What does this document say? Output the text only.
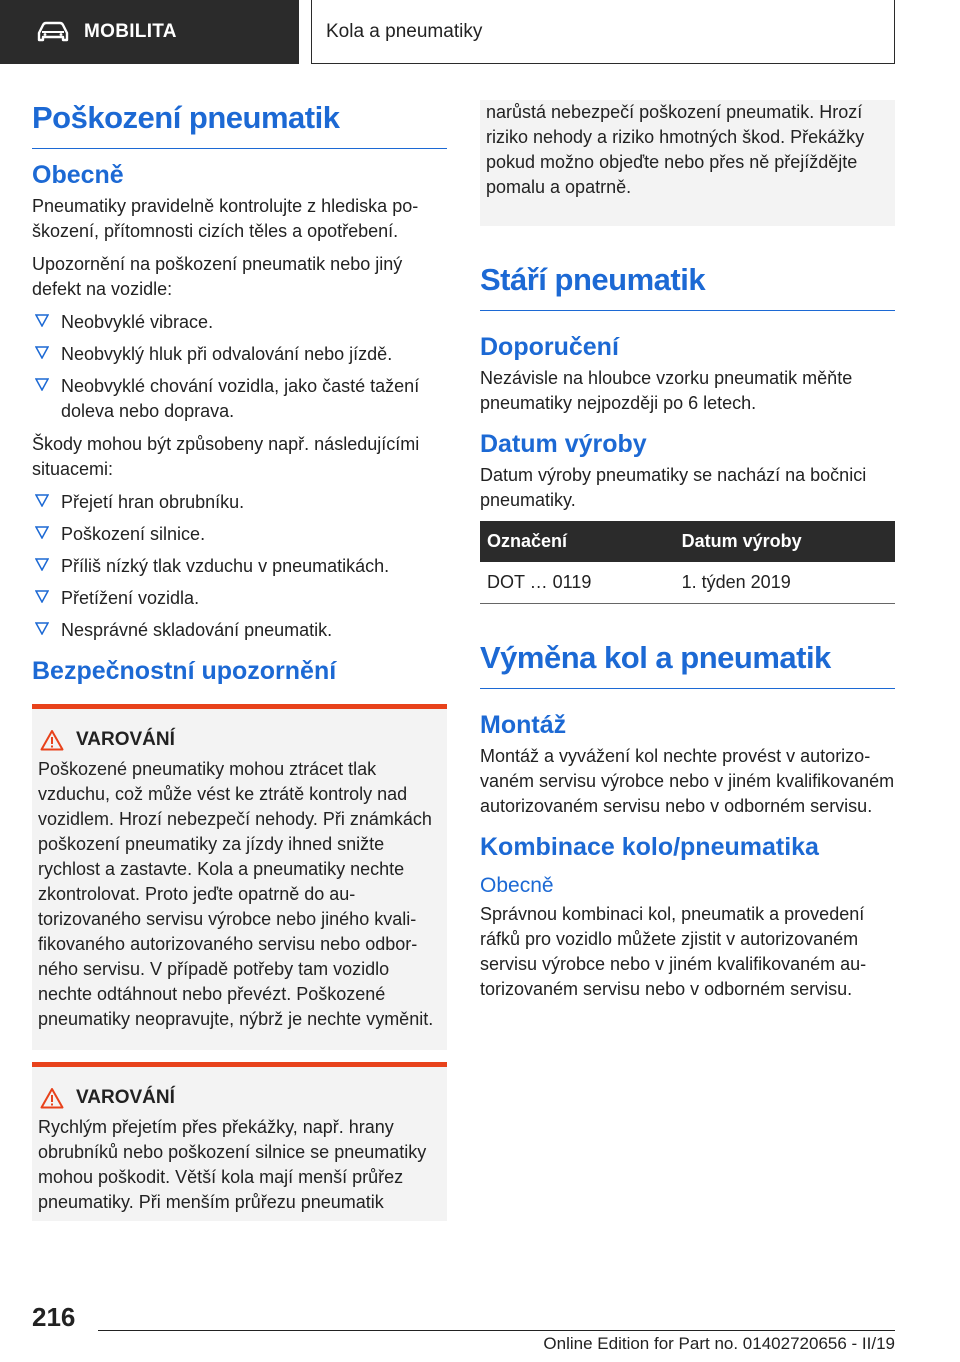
MOBILITA	Kola a pneumatiky
Poškození pneumatik
Obecně

Pneumatiky pravidelně kontrolujte z hlediska poškození, přítomnosti cizích těles a opotřebení.

Upozornění na poškození pneumatik nebo jiný defekt na vozidle:

Neobvyklé vibrace.
Neobvyklý hluk při odvalování nebo jízdě.
Neobvyklé chování vozidla, jako časté tažení doleva nebo doprava.

Škody mohou být způsobeny např. následujícími situacemi:

Přejetí hran obrubníku.
Poškození silnice.
Příliš nízký tlak vzduchu v pneumatikách.
Přetížení vozidla.
Nesprávné skladování pneumatik.
Bezpečnostní upozornění
VAROVÁNÍ

Poškozené pneumatiky mohou ztrácet tlak vzduchu, což může vést ke ztrátě kontroly nad vozidlem. Hrozí nebezpečí nehody. Při známkách poškození pneumatiky za jízdy ihned snižte rychlost a zastavte. Kola a pneumatiky nechte zkontrolovat. Proto jeďte opatrně do autorizovaného servisu výrobce nebo jiného kvalifikovaného autorizovaného servisu nebo odborného servisu. V případě potřeby tam vozidlo nechte odtáhnout nebo převézt. Poškozené pneumatiky neopravujte, nýbrž je nechte vyměnit.

VAROVÁNÍ

Rychlým přejetím přes překážky, např. hrany obrubníků nebo poškození silnice se pneumatiky mohou poškodit. Větší kola mají menší průřez pneumatiky. Při menším průřezu pneumatik

narůstá nebezpečí poškození pneumatik. Hrozí riziko nehody a riziko hmotných škod. Překážky pokud možno objeďte nebo přes ně přejíždějte pomalu a opatrně.

Stáří pneumatik
Doporučení

Nezávisle na hloubce vzorku pneumatik měňte pneumatiky nejpozději po 6 letech.

Datum výroby

Datum výroby pneumatiky se nachází na bočnici pneumatiky.

Označení	Datum výroby
DOT … 0119	1. týden 2019
Výměna kol a pneumatik
Montáž

Montáž a vyvážení kol nechte provést v autorizovaném servisu výrobce nebo v jiném kvalifikovaném autorizovaném servisu nebo v odborném servisu.

Kombinace kolo/pneumatika
Obecně

Správnou kombinaci kol, pneumatik a provedení ráfků pro vozidlo můžete zjistit v autorizovaném servisu výrobce nebo v jiném kvalifikovaném autorizovaném servisu nebo v odborném servisu.

216
Online Edition for Part no. 01402720656 - II/19
